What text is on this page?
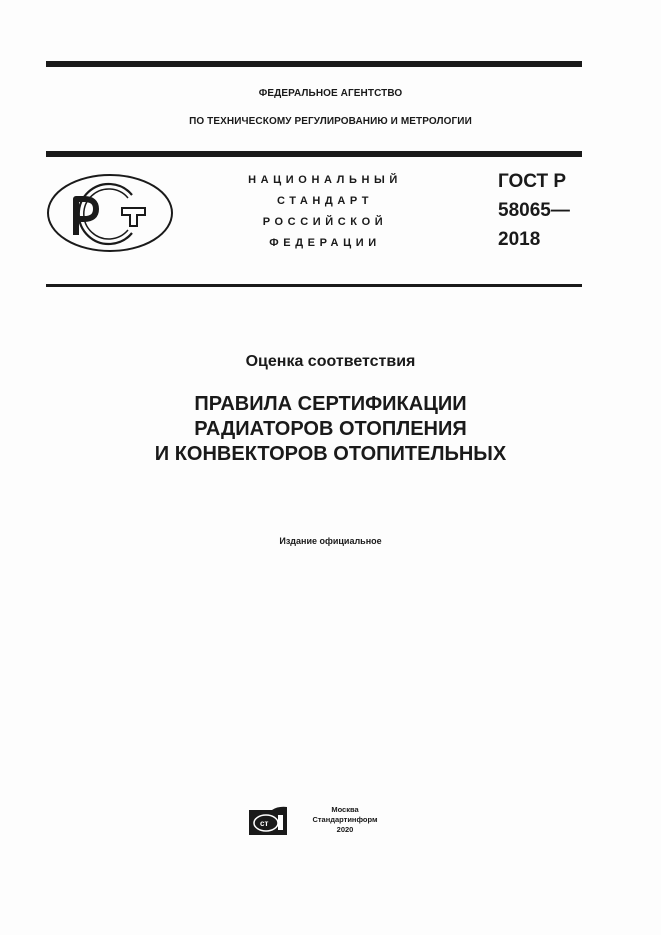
ФЕДЕРАЛЬНОЕ АГЕНТСТВО
ПО ТЕХНИЧЕСКОМУ РЕГУЛИРОВАНИЮ И МЕТРОЛОГИИ
НАЦИОНАЛЬНЫЙ
СТАНДАРТ
РОССИЙСКОЙ
ФЕДЕРАЦИИ
ГОСТ Р
58065—
2018
Оценка соответствия
ПРАВИЛА СЕРТИФИКАЦИИ
РАДИАТОРОВ ОТОПЛЕНИЯ
И КОНВЕКТОРОВ ОТОПИТЕЛЬНЫХ
Издание официальное
ст
Москва
Стандартинформ
2020
